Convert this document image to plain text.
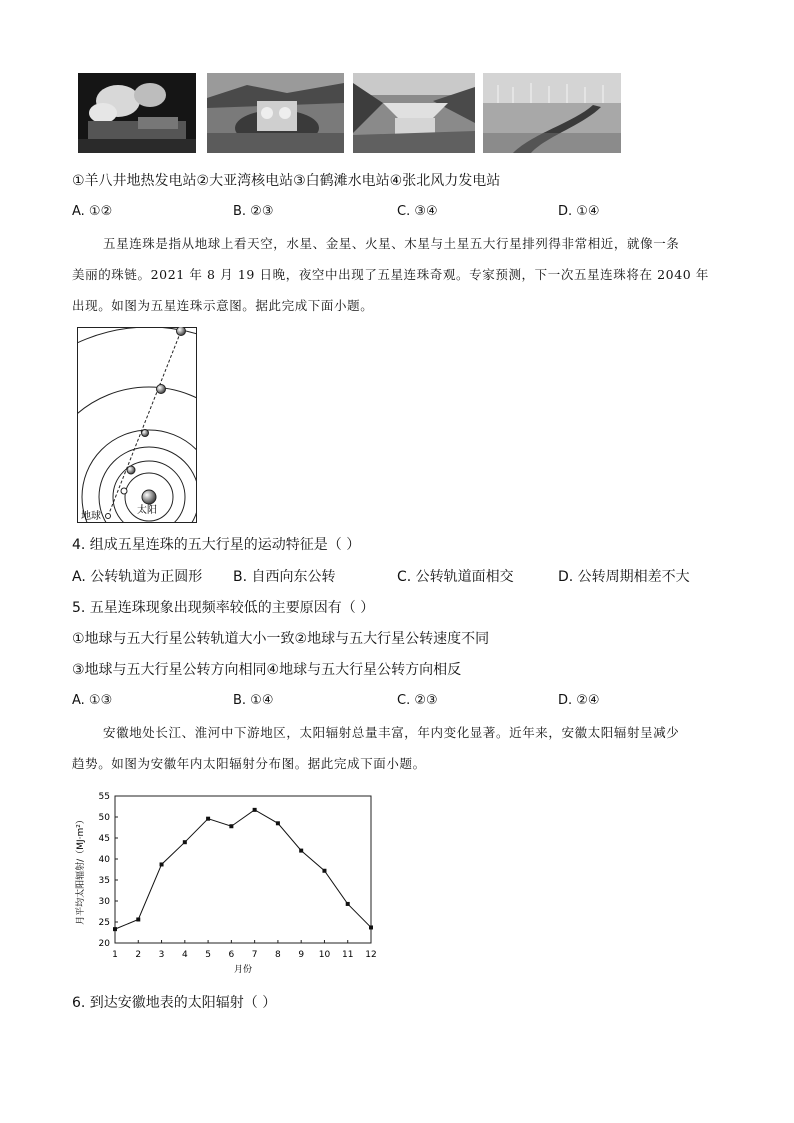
①羊八井地热发电站②大亚湾核电站③白鹤滩水电站④张北风力发电站
A. ①②	B. ②③	C. ③④	D. ①④
五星连珠是指从地球上看天空，水星、金星、火星、木星与土星五大行星排列得非常相近，就像一条
美丽的珠链。2021 年 8 月 19 日晚，夜空中出现了五星连珠奇观。专家预测，下一次五星连珠将在 2040 年
出现。如图为五星连珠示意图。据此完成下面小题。
地球
太阳
4. 组成五星连珠的五大行星的运动特征是（ ）
A. 公转轨道为正圆形 B. 自西向东公转	C. 公转轨道面相交	D. 公转周期相差不大
5. 五星连珠现象出现频率较低的主要原因有（ ）
①地球与五大行星公转轨道大小一致②地球与五大行星公转速度不同
③地球与五大行星公转方向相同④地球与五大行星公转方向相反
A. ①③	B. ①④	C. ②③	D. ②④
安徽地处长江、淮河中下游地区，太阳辐射总量丰富，年内变化显著。近年来，安徽太阳辐射呈减少
趋势。如图为安徽年内太阳辐射分布图。据此完成下面小题。
20
25
30
35
40
45
50
55
1 2 3 4 5 6 7 8 9 10 11 12
月份
月平均太阳辐射/（MJ·m²）
6. 到达安徽地表的太阳辐射（ ）
